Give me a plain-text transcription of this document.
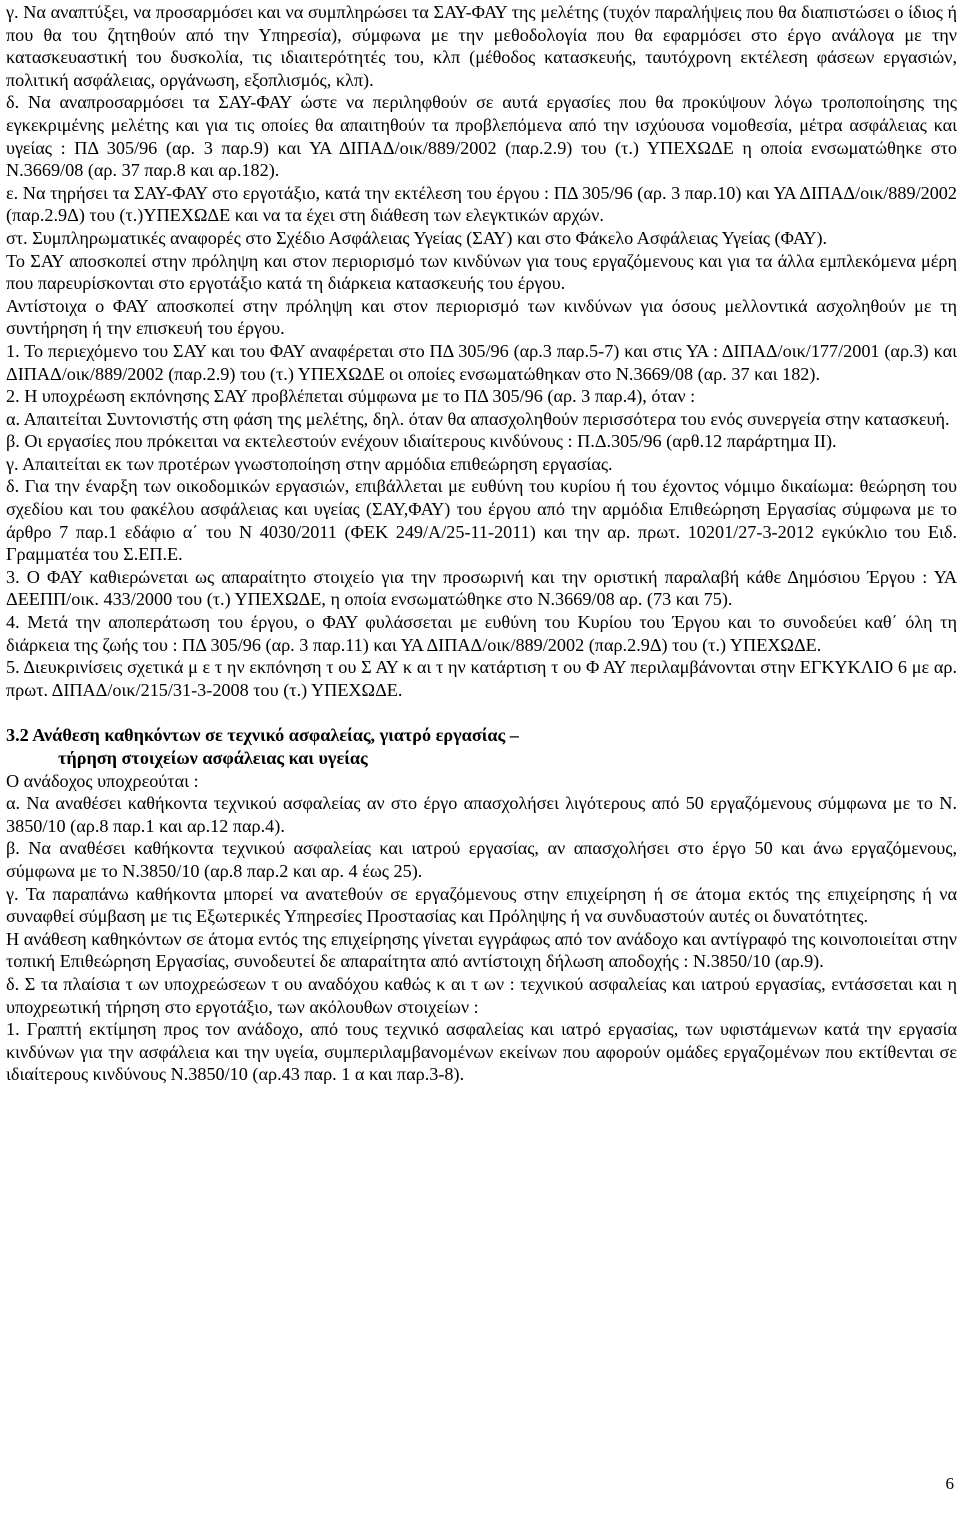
γ. Να αναπτύξει, να προσαρμόσει και να συμπληρώσει τα ΣΑΥ-ΦΑΥ της μελέτης (τυχόν παραλήψεις που θα διαπιστώσει ο ίδιος ή που θα του ζητηθούν από την Υπηρεσία), σύμφωνα με την μεθοδολογία που θα εφαρμόσει στο έργο ανάλογα με την κατασκευαστική του δυσκολία, τις ιδιαιτερότητές του, κλπ (μέθοδος κατασκευής, ταυτόχρονη εκτέλεση φάσεων εργασιών, πολιτική ασφάλειας, οργάνωση, εξοπλισμός, κλπ).

δ. Να αναπροσαρμόσει τα ΣΑΥ-ΦΑΥ ώστε να περιληφθούν σε αυτά εργασίες που θα προκύψουν λόγω τροποποίησης της εγκεκριμένης μελέτης και για τις οποίες θα απαιτηθούν τα προβλεπόμενα από την ισχύουσα νομοθεσία, μέτρα ασφάλειας και υγείας : ΠΔ 305/96 (αρ. 3 παρ.9) και ΥΑ ΔΙΠΑΔ/οικ/889/2002 (παρ.2.9) του (τ.) ΥΠΕΧΩΔΕ η οποία ενσωματώθηκε στο Ν.3669/08 (αρ. 37 παρ.8 και αρ.182).

ε. Να τηρήσει τα ΣΑΥ-ΦΑΥ στο εργοτάξιο, κατά την εκτέλεση του έργου : ΠΔ 305/96 (αρ. 3 παρ.10) και ΥΑ ΔΙΠΑΔ/οικ/889/2002 (παρ.2.9Δ) του (τ.)ΥΠΕΧΩΔΕ και να τα έχει στη διάθεση των ελεγκτικών αρχών.

στ. Συμπληρωματικές αναφορές στο Σχέδιο Ασφάλειας Υγείας (ΣΑΥ) και στο Φάκελο Ασφάλειας Υγείας (ΦΑΥ).

Το ΣΑΥ αποσκοπεί στην πρόληψη και στον περιορισμό των κινδύνων για τους εργαζόμενους και για τα άλλα εμπλεκόμενα μέρη που παρευρίσκονται στο εργοτάξιο κατά τη διάρκεια κατασκευής του έργου.

Αντίστοιχα ο ΦΑΥ αποσκοπεί στην πρόληψη και στον περιορισμό των κινδύνων για όσους μελλοντικά ασχοληθούν με τη συντήρηση ή την επισκευή του έργου.

1. Το περιεχόμενο του ΣΑΥ και του ΦΑΥ αναφέρεται στο ΠΔ 305/96 (αρ.3 παρ.5-7) και στις ΥΑ : ΔΙΠΑΔ/οικ/177/2001 (αρ.3) και ΔΙΠΑΔ/οικ/889/2002 (παρ.2.9) του (τ.) ΥΠΕΧΩΔΕ οι οποίες ενσωματώθηκαν στο Ν.3669/08 (αρ. 37 και 182).

2. Η υποχρέωση εκπόνησης ΣΑΥ προβλέπεται σύμφωνα με το ΠΔ 305/96 (αρ. 3 παρ.4), όταν :

α. Απαιτείται Συντονιστής στη φάση της μελέτης, δηλ. όταν θα απασχοληθούν περισσότερα του ενός συνεργεία στην κατασκευή.

β. Οι εργασίες που πρόκειται να εκτελεστούν ενέχουν ιδιαίτερους κινδύνους : Π.Δ.305/96 (αρθ.12 παράρτημα ΙΙ).

γ. Απαιτείται εκ των προτέρων γνωστοποίηση στην αρμόδια επιθεώρηση εργασίας.

δ. Για την έναρξη των οικοδομικών εργασιών, επιβάλλεται με ευθύνη του κυρίου ή του έχοντος νόμιμο δικαίωμα: θεώρηση του σχεδίου και του φακέλου ασφάλειας και υγείας (ΣΑΥ,ΦΑΥ) του έργου από την αρμόδια Επιθεώρηση Εργασίας σύμφωνα με το άρθρο 7 παρ.1 εδάφιο α΄ του Ν 4030/2011 (ΦΕΚ 249/Α/25-11-2011) και την αρ. πρωτ. 10201/27-3-2012 εγκύκλιο του Ειδ. Γραμματέα του Σ.ΕΠ.Ε.

3. Ο ΦΑΥ καθιερώνεται ως απαραίτητο στοιχείο για την προσωρινή και την οριστική παραλαβή κάθε Δημόσιου Έργου : ΥΑ ΔΕΕΠΠ/οικ. 433/2000 του (τ.) ΥΠΕΧΩΔΕ, η οποία ενσωματώθηκε στο Ν.3669/08 αρ. (73 και 75).

4. Μετά την αποπεράτωση του έργου, ο ΦΑΥ φυλάσσεται με ευθύνη του Κυρίου του Έργου και το συνοδεύει καθ΄ όλη τη διάρκεια της ζωής του : ΠΔ 305/96 (αρ. 3 παρ.11) και ΥΑ ΔΙΠΑΔ/οικ/889/2002 (παρ.2.9Δ) του (τ.) ΥΠΕΧΩΔΕ.

5. Διευκρινίσεις σχετικά μ ε τ ην εκπόνηση τ ου Σ ΑΥ κ αι τ ην κατάρτιση τ ου Φ ΑΥ περιλαμβάνονται στην ΕΓΚΥΚΛΙΟ 6 με αρ. πρωτ. ΔΙΠΑΔ/οικ/215/31-3-2008 του (τ.) ΥΠΕΧΩΔΕ.

3.2 Ανάθεση καθηκόντων σε τεχνικό ασφαλείας, γιατρό εργασίας –

τήρηση στοιχείων ασφάλειας και υγείας

Ο ανάδοχος υποχρεούται :

α. Να αναθέσει καθήκοντα τεχνικού ασφαλείας αν στο έργο απασχολήσει λιγότερους από 50 εργαζόμενους σύμφωνα με το Ν. 3850/10 (αρ.8 παρ.1 και αρ.12 παρ.4).

β. Να αναθέσει καθήκοντα τεχνικού ασφαλείας και ιατρού εργασίας, αν απασχολήσει στο έργο 50 και άνω εργαζόμενους, σύμφωνα με το Ν.3850/10 (αρ.8 παρ.2 και αρ. 4 έως 25).

γ. Τα παραπάνω καθήκοντα μπορεί να ανατεθούν σε εργαζόμενους στην επιχείρηση ή σε άτομα εκτός της επιχείρησης ή να συναφθεί σύμβαση με τις Εξωτερικές Υπηρεσίες Προστασίας και Πρόληψης ή να συνδυαστούν αυτές οι δυνατότητες.

Η ανάθεση καθηκόντων σε άτομα εντός της επιχείρησης γίνεται εγγράφως από τον ανάδοχο και αντίγραφό της κοινοποιείται στην τοπική Επιθεώρηση Εργασίας, συνοδευτεί δε απαραίτητα από αντίστοιχη δήλωση αποδοχής : Ν.3850/10 (αρ.9).

δ. Σ τα πλαίσια τ ων υποχρεώσεων τ ου αναδόχου καθώς κ αι τ ων : τεχνικού ασφαλείας και ιατρού εργασίας, εντάσσεται και η υποχρεωτική τήρηση στο εργοτάξιο, των ακόλουθων στοιχείων :

1. Γραπτή εκτίμηση προς τον ανάδοχο, από τους τεχνικό ασφαλείας και ιατρό εργασίας, των υφιστάμενων κατά την εργασία κινδύνων για την ασφάλεια και την υγεία, συμπεριλαμβανομένων εκείνων που αφορούν ομάδες εργαζομένων που εκτίθενται σε ιδιαίτερους κινδύνους Ν.3850/10 (αρ.43 παρ. 1 α και παρ.3-8).

6
